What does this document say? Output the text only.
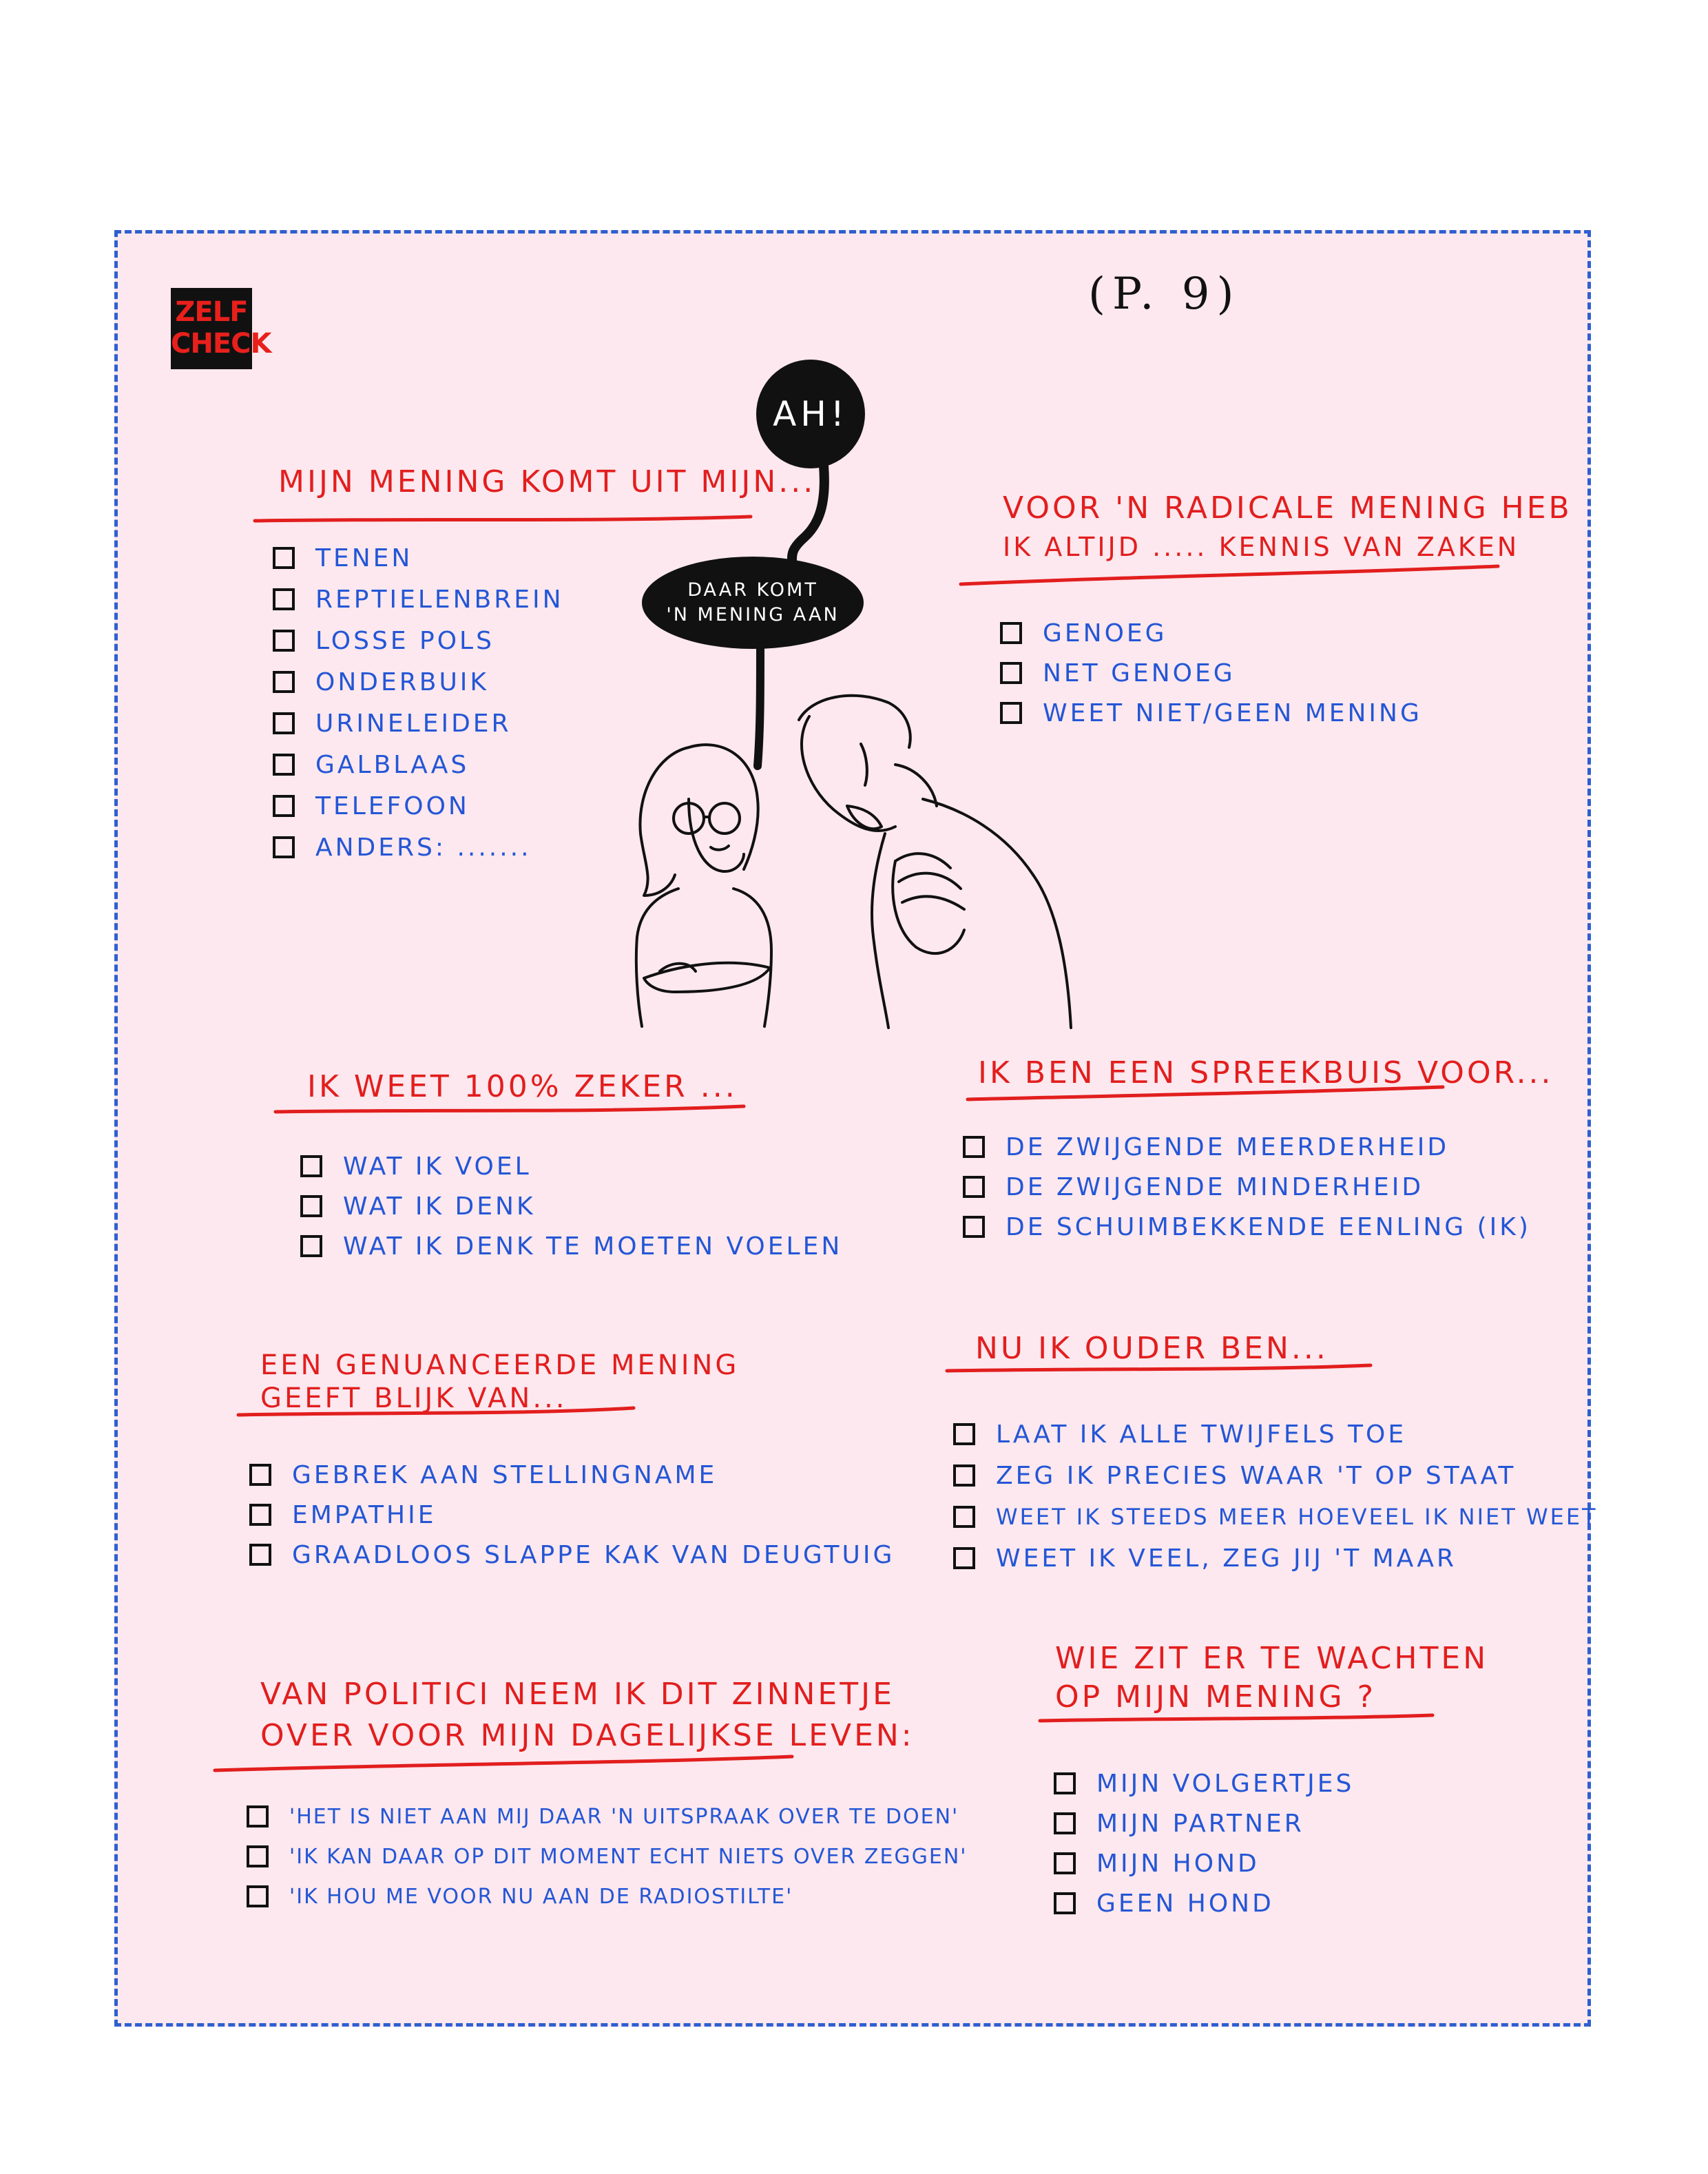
ZELF
CHECK
(P. 9)
AH!
DAAR KOMT
'N MENING AAN
MIJN MENING KOMT UIT MIJN...
TENEN
REPTIELENBREIN
LOSSE POLS
ONDERBUIK
URINELEIDER
GALBLAAS
TELEFOON
ANDERS: .......
VOOR 'N RADICALE MENING HEB
IK ALTIJD ..... KENNIS VAN ZAKEN
GENOEG
NET GENOEG
WEET NIET/GEEN MENING
IK WEET 100% ZEKER ...
WAT IK VOEL
WAT IK DENK
WAT IK DENK TE MOETEN VOELEN
IK BEN EEN SPREEKBUIS VOOR...
DE ZWIJGENDE MEERDERHEID
DE ZWIJGENDE MINDERHEID
DE SCHUIMBEKKENDE EENLING (IK)
EEN GENUANCEERDE MENING
GEEFT BLIJK VAN...
GEBREK AAN STELLINGNAME
EMPATHIE
GRAADLOOS SLAPPE KAK VAN DEUGTUIG
NU IK OUDER BEN...
LAAT IK ALLE TWIJFELS TOE
ZEG IK PRECIES WAAR 'T OP STAAT
WEET IK STEEDS MEER HOEVEEL IK NIET WEET
WEET IK VEEL, ZEG JIJ 'T MAAR
VAN POLITICI NEEM IK DIT ZINNETJE
OVER VOOR MIJN DAGELIJKSE LEVEN:
'HET IS NIET AAN MIJ DAAR 'N UITSPRAAK OVER TE DOEN'
'IK KAN DAAR OP DIT MOMENT ECHT NIETS OVER ZEGGEN'
'IK HOU ME VOOR NU AAN DE RADIOSTILTE'
WIE ZIT ER TE WACHTEN
OP MIJN MENING ?
MIJN VOLGERTJES
MIJN PARTNER
MIJN HOND
GEEN HOND
